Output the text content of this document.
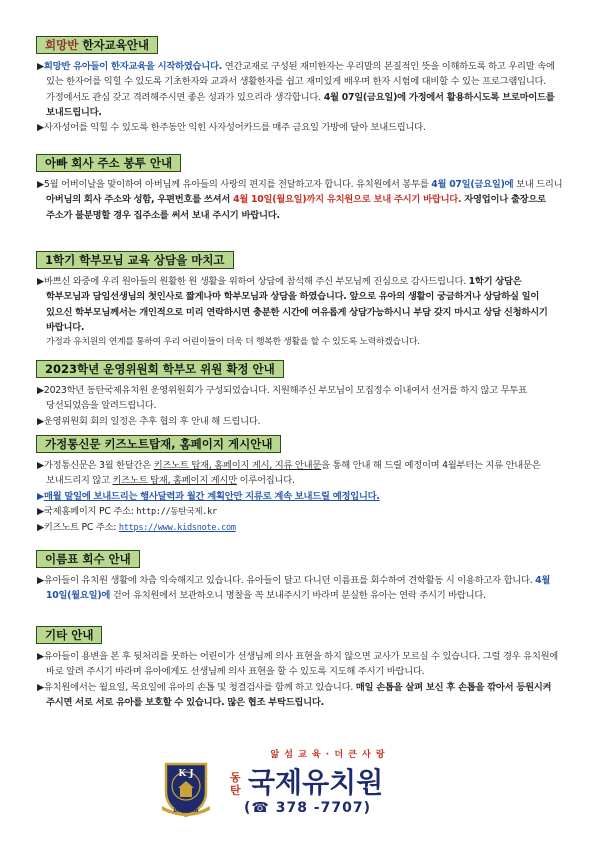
희망반 한자교육안내

▶희망반 유아들이 한자교육을 시작하였습니다. 연간교재로 구성된 재미한자는 우리말의 본질적인 뜻을 이해하도록 하고 우리말 속에 있는 한자어를 익힐 수 있도록 기초한자와 교과서 생활한자를 쉽고 재미있게 배우며 한자 시험에 대비할 수 있는 프로그램입니다. 가정에서도 관심 갖고 격려해주시면 좋은 성과가 있으리라 생각합니다. 4월 07일(금요일)에 가정에서 활용하시도록 브로마이드를 보내드립니다.

▶사자성어를 익힐 수 있도록 한주동안 익힌 사자성어카드를 매주 금요일 가방에 달아 보내드립니다.

아빠 회사 주소 봉투 안내

▶5월 어버이날을 맞이하여 아버님께 유아들의 사랑의 편지를 전달하고자 합니다. 유치원에서 봉투를 4월 07일(금요일)에 보내 드리니 아버님의 회사 주소와 성함, 우편번호를 쓰셔서 4월 10일(월요일)까지 유치원으로 보내 주시기 바랍니다. 자영업이나 출장으로 주소가 불분명할 경우 집주소를 써서 보내 주시기 바랍니다.

1학기 학부모님 교육 상담을 마치고

▶바쁘신 와중에 우리 원아들의 원활한 원 생활을 위하여 상담에 참석해 주신 부모님께 진심으로 감사드립니다. 1학기 상담은 학부모님과 담임선생님의 첫인사로 짧게나마 학부모님과 상담을 하였습니다. 앞으로 유아의 생활이 궁금하거나 상담하실 일이 있으신 학부모님께서는 개인적으로 미리 연락하시면 충분한 시간에 여유롭게 상담가능하시니 부담 갖지 마시고 상담 신청하시기 바랍니다.

가정과 유치원의 연계를 통하여 우리 어린이들이 더욱 더 행복한 생활을 할 수 있도록 노력하겠습니다.

2023학년 운영위원회 학부모 위원 확정 안내

▶2023학년 동탄국제유치원 운영위원회가 구성되었습니다. 지원해주신 부모님이 모집정수 이내여서 선거를 하지 않고 무투표 당선되었음을 알려드립니다.

▶운영위원회 회의 일정은 추후 협의 후 안내 해 드립니다.

가정통신문 키즈노트탑재, 홈페이지 게시안내

▶가정통신문은 3월 한달간은 키즈노트 탑재, 홈페이지 게시, 지류 안내문을 통해 안내 해 드릴 예정이며 4월부터는 지류 안내문은 보내드리지 않고 키즈노트 탑재, 홈페이지 게시만 이루어집니다.

▶매월 말일에 보내드리는 행사달력과 월간 계획안만 지류로 계속 보내드릴 예정입니다.

▶국제홈페이지 PC 주소: http://동탄국제.kr

▶키즈노트 PC 주소: https://www.kidsnote.com

이름표 회수 안내

▶유아들이 유치원 생활에 차츰 익숙해지고 있습니다. 유아들이 달고 다니던 이름표를 회수하여 견학활동 시 이용하고자 합니다. 4월 10일(월요일)에 걷어 유치원에서 보관하오니 명찰을 꼭 보내주시기 바라며 분실한 유아는 연락 주시기 바랍니다.

기타 안내

▶유아들이 용변을 본 후 뒷처리를 못하는 어린이가 선생님께 의사 표현을 하지 않으면 교사가 모르실 수 있습니다. 그럴 경우 유치원에 바로 알려 주시기 바라며 유아에게도 선생님께 의사 표현을 할 수 있도록 지도해 주시기 바랍니다.

▶유치원에서는 월요일, 목요일에 유아의 손톱 및 청결검사를 함께 하고 있습니다. 매일 손톱을 살펴 보신 후 손톱을 깎아서 등원시켜 주시면 서로 서로 유아를 보호할 수 있습니다. 많은 협조 부탁드립니다.

앎 섬 교 육 · 더 큰 사 랑
K J
DONGTAN
동
탄 국제유치원
(☎ 378 -7707)
